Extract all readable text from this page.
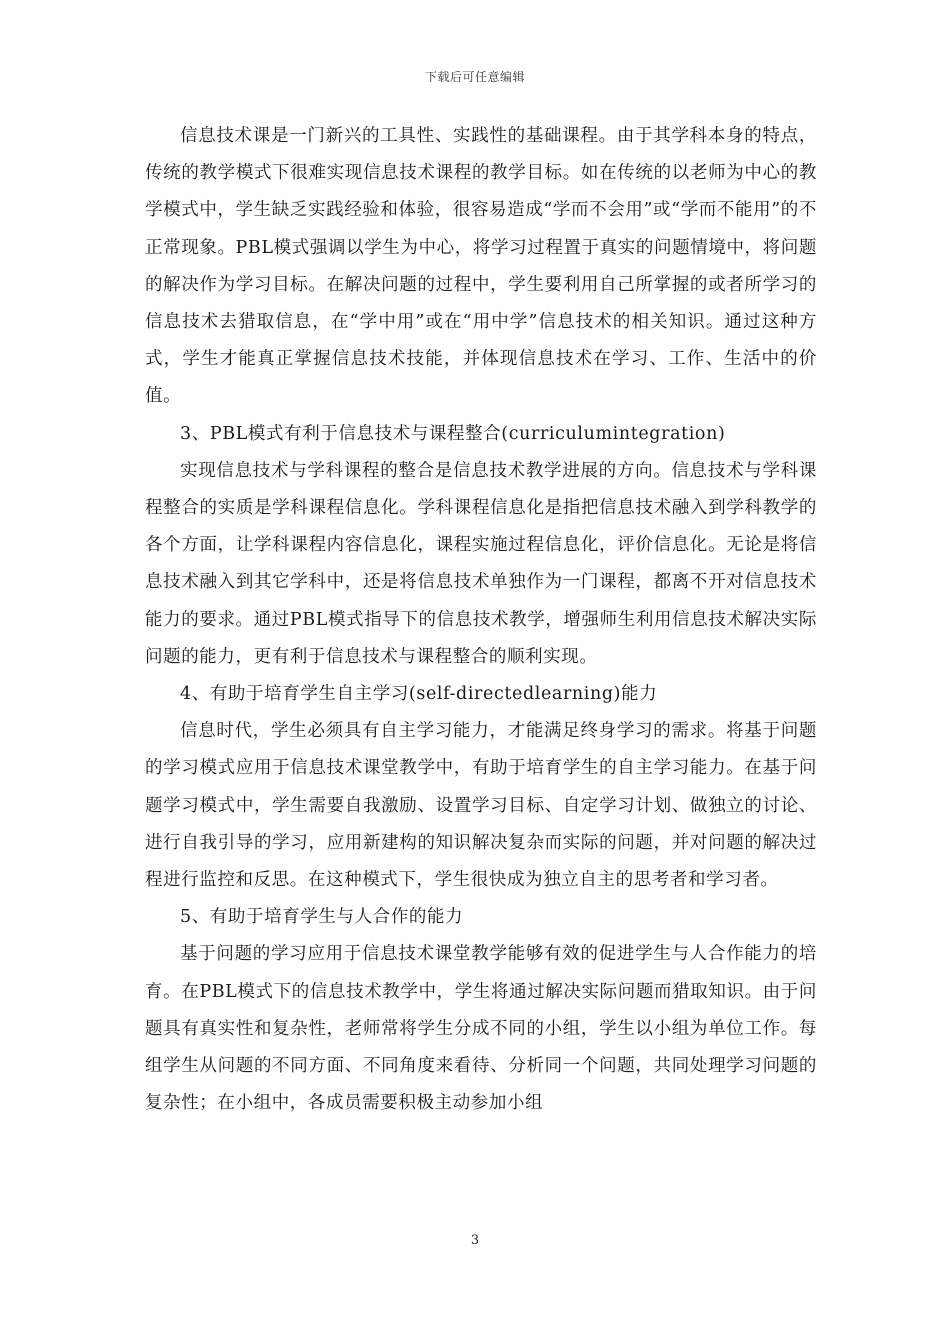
下载后可任意编辑

信息技术课是一门新兴的工具性、实践性的基础课程。由于其学科本身的特点，传统的教学模式下很难实现信息技术课程的教学目标。如在传统的以老师为中心的教学模式中，学生缺乏实践经验和体验，很容易造成“学而不会用”或“学而不能用”的不正常现象。PBL模式强调以学生为中心，将学习过程置于真实的问题情境中，将问题的解决作为学习目标。在解决问题的过程中，学生要利用自己所掌握的或者所学习的信息技术去猎取信息，在“学中用”或在“用中学”信息技术的相关知识。通过这种方式，学生才能真正掌握信息技术技能，并体现信息技术在学习、工作、生活中的价值。

3、PBL模式有利于信息技术与课程整合(curriculumintegration)

实现信息技术与学科课程的整合是信息技术教学进展的方向。信息技术与学科课程整合的实质是学科课程信息化。学科课程信息化是指把信息技术融入到学科教学的各个方面，让学科课程内容信息化，课程实施过程信息化，评价信息化。无论是将信息技术融入到其它学科中，还是将信息技术单独作为一门课程，都离不开对信息技术能力的要求。通过PBL模式指导下的信息技术教学，增强师生利用信息技术解决实际问题的能力，更有利于信息技术与课程整合的顺利实现。

4、有助于培育学生自主学习(self-directedlearning)能力

信息时代，学生必须具有自主学习能力，才能满足终身学习的需求。将基于问题的学习模式应用于信息技术课堂教学中，有助于培育学生的自主学习能力。在基于问题学习模式中，学生需要自我激励、设置学习目标、自定学习计划、做独立的讨论、进行自我引导的学习，应用新建构的知识解决复杂而实际的问题，并对问题的解决过程进行监控和反思。在这种模式下，学生很快成为独立自主的思考者和学习者。

5、有助于培育学生与人合作的能力

基于问题的学习应用于信息技术课堂教学能够有效的促进学生与人合作能力的培育。在PBL模式下的信息技术教学中，学生将通过解决实际问题而猎取知识。由于问题具有真实性和复杂性，老师常将学生分成不同的小组，学生以小组为单位工作。每组学生从问题的不同方面、不同角度来看待、分析同一个问题，共同处理学习问题的复杂性；在小组中，各成员需要积极主动参加小组

3
